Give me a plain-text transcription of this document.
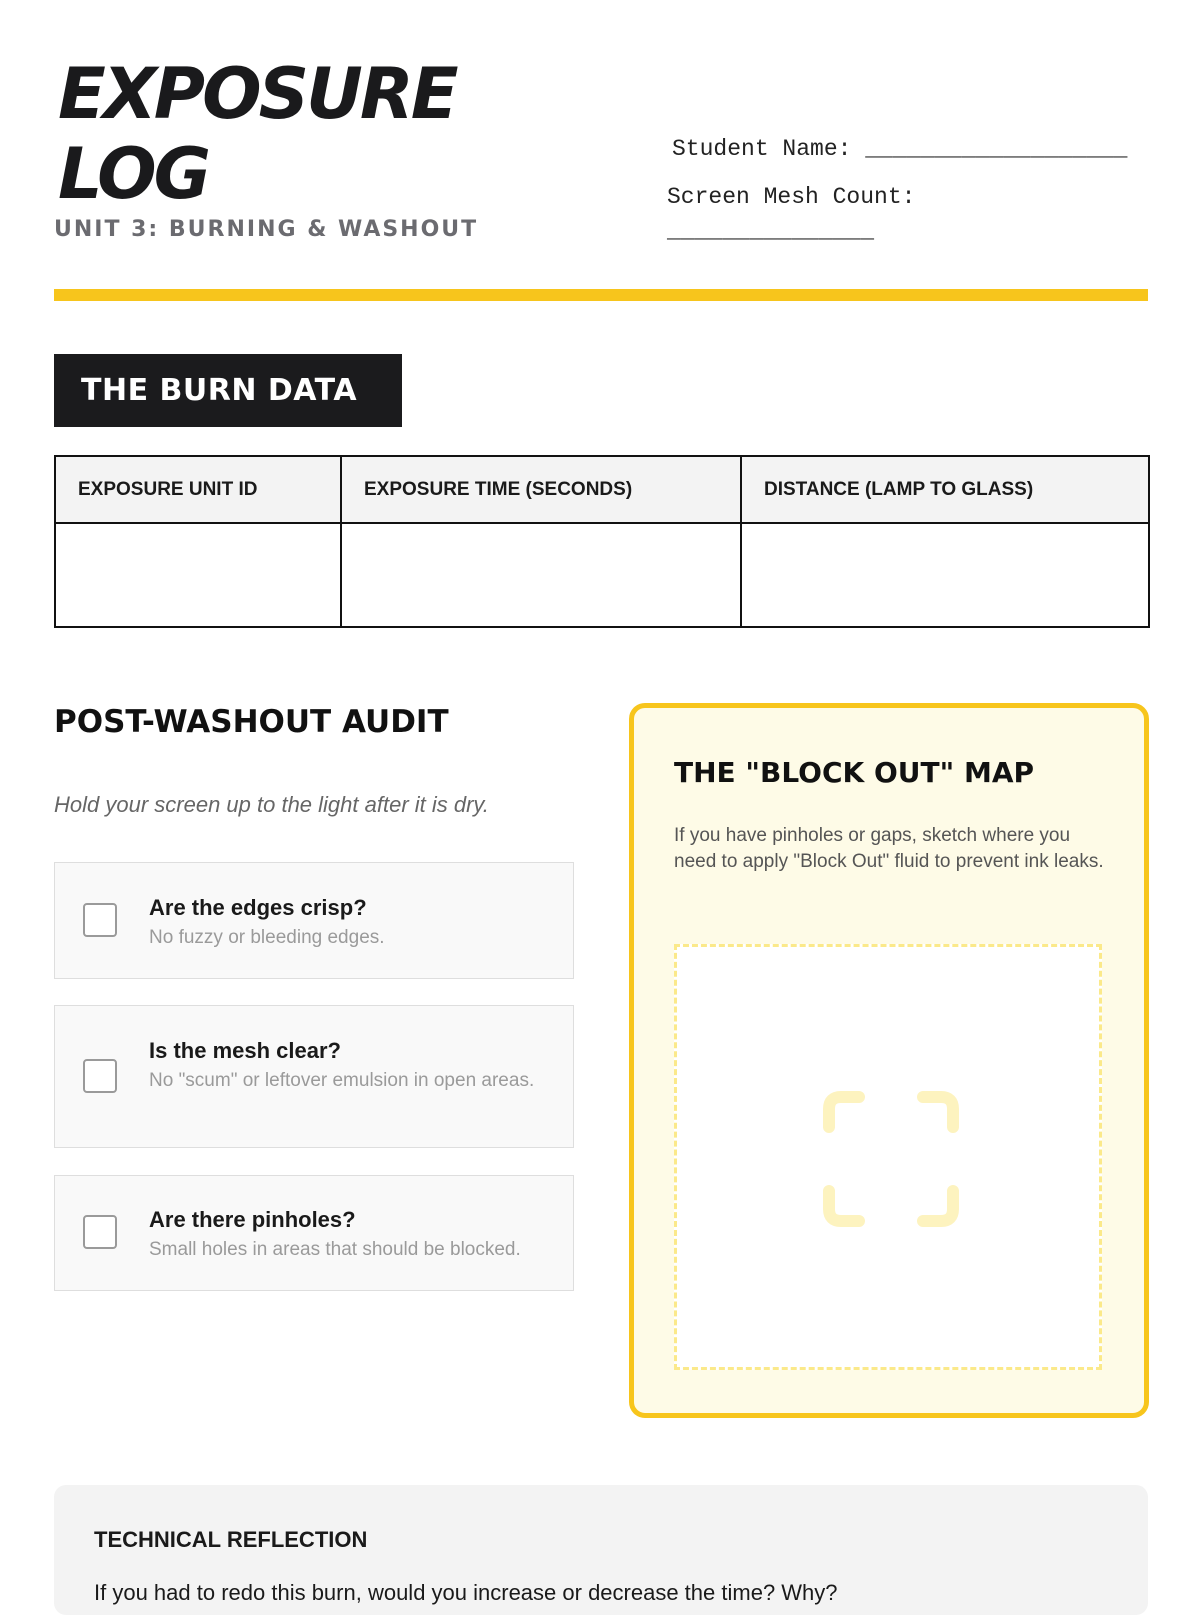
EXPOSURE
LOG
UNIT 3: BURNING & WASHOUT
Student Name: ___________________
Screen Mesh Count:
_______________
THE BURN DATA
EXPOSURE UNIT ID	EXPOSURE TIME (SECONDS)	DISTANCE (LAMP TO GLASS)

POST-WASHOUT AUDIT
Hold your screen up to the light after it is dry.
Are the edges crisp?
No fuzzy or bleeding edges.
Is the mesh clear?
No "scum" or leftover emulsion in open areas.
Are there pinholes?
Small holes in areas that should be blocked.
THE "BLOCK OUT" MAP
If you have pinholes or gaps, sketch where you need to apply "Block Out" fluid to prevent ink leaks.
TECHNICAL REFLECTION
If you had to redo this burn, would you increase or decrease the time? Why?
